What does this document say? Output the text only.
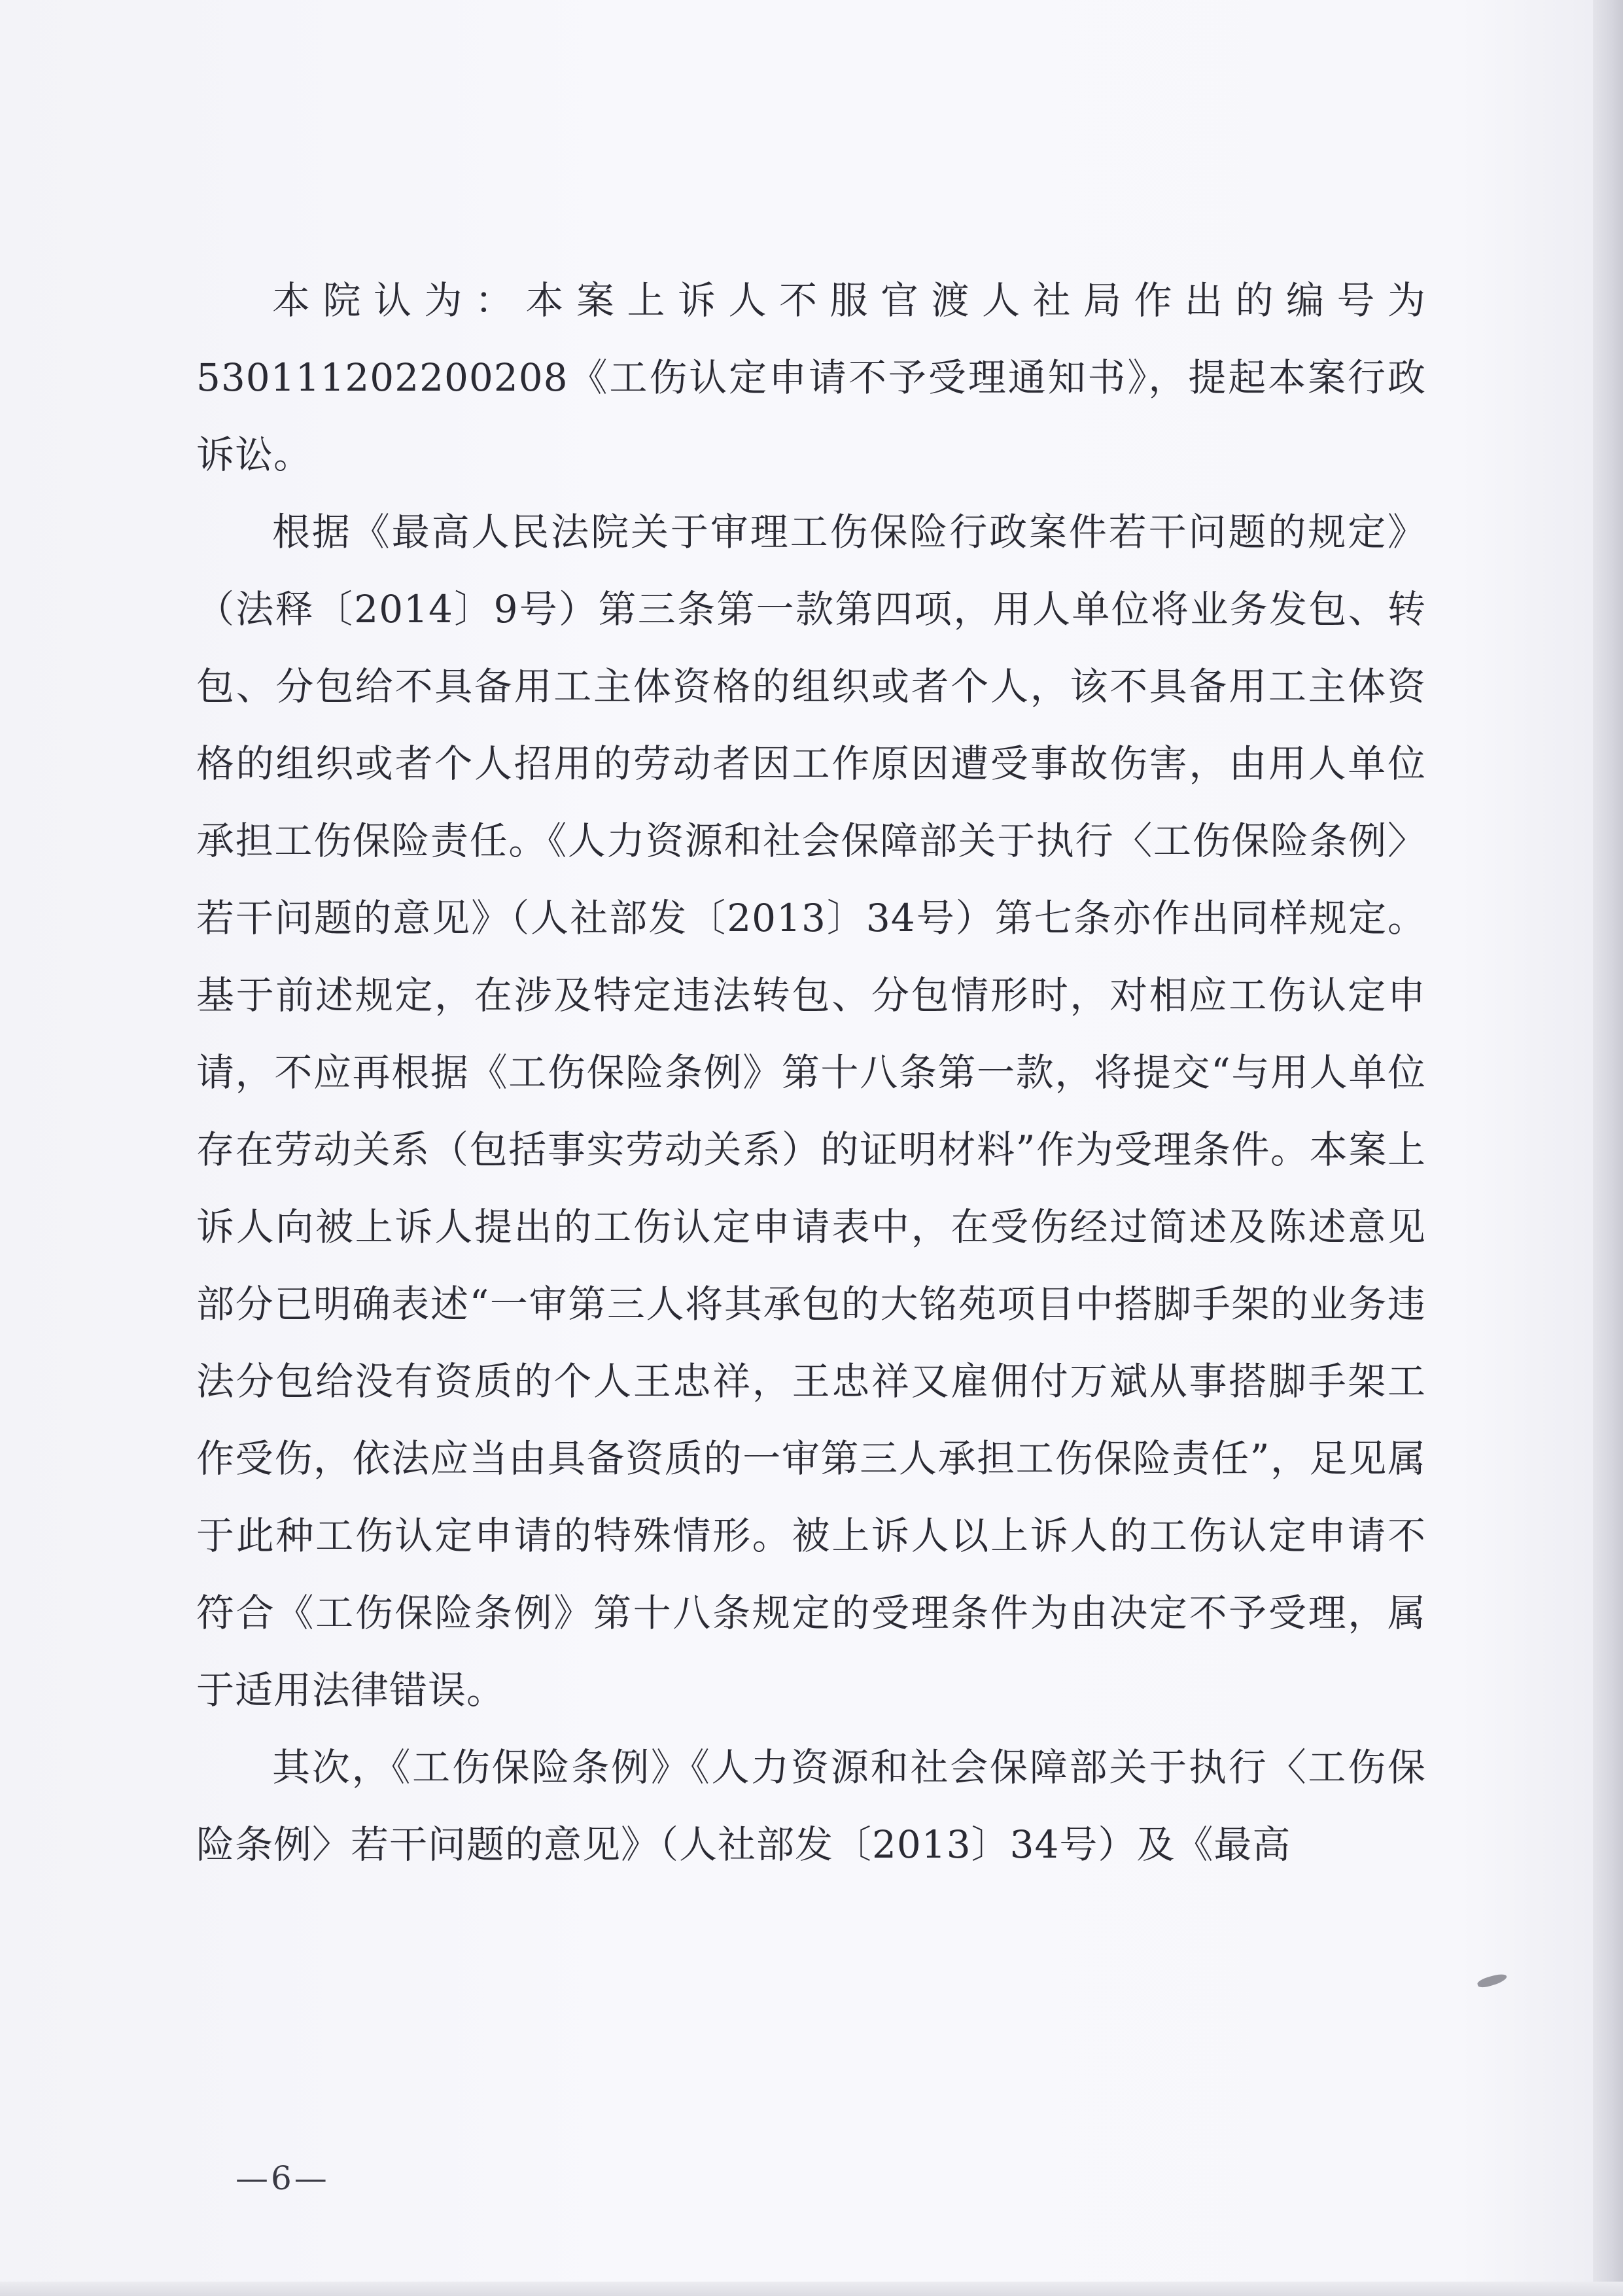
本院认为：本案上诉人不服官渡人社局作出的编号为530111202200208《工伤认定申请不予受理通知书》，提起本案行政诉讼。

根据《最高人民法院关于审理工伤保险行政案件若干问题的规定》（法释〔2014〕9号）第三条第一款第四项，用人单位将业务发包、转包、分包给不具备用工主体资格的组织或者个人，该不具备用工主体资格的组织或者个人招用的劳动者因工作原因遭受事故伤害，由用人单位承担工伤保险责任。《人力资源和社会保障部关于执行〈工伤保险条例〉若干问题的意见》（人社部发〔2013〕34号）第七条亦作出同样规定。基于前述规定，在涉及特定违法转包、分包情形时，对相应工伤认定申请，不应再根据《工伤保险条例》第十八条第一款，将提交“与用人单位存在劳动关系（包括事实劳动关系）的证明材料”作为受理条件。本案上诉人向被上诉人提出的工伤认定申请表中，在受伤经过简述及陈述意见部分已明确表述“一审第三人将其承包的大铭苑项目中搭脚手架的业务违法分包给没有资质的个人王忠祥，王忠祥又雇佣付万斌从事搭脚手架工作受伤，依法应当由具备资质的一审第三人承担工伤保险责任”，足见属于此种工伤认定申请的特殊情形。被上诉人以上诉人的工伤认定申请不符合《工伤保险条例》第十八条规定的受理条件为由决定不予受理，属于适用法律错误。

其次，《工伤保险条例》《人力资源和社会保障部关于执行〈工伤保险条例〉若干问题的意见》（人社部发〔2013〕34号）及《最高

—6—
